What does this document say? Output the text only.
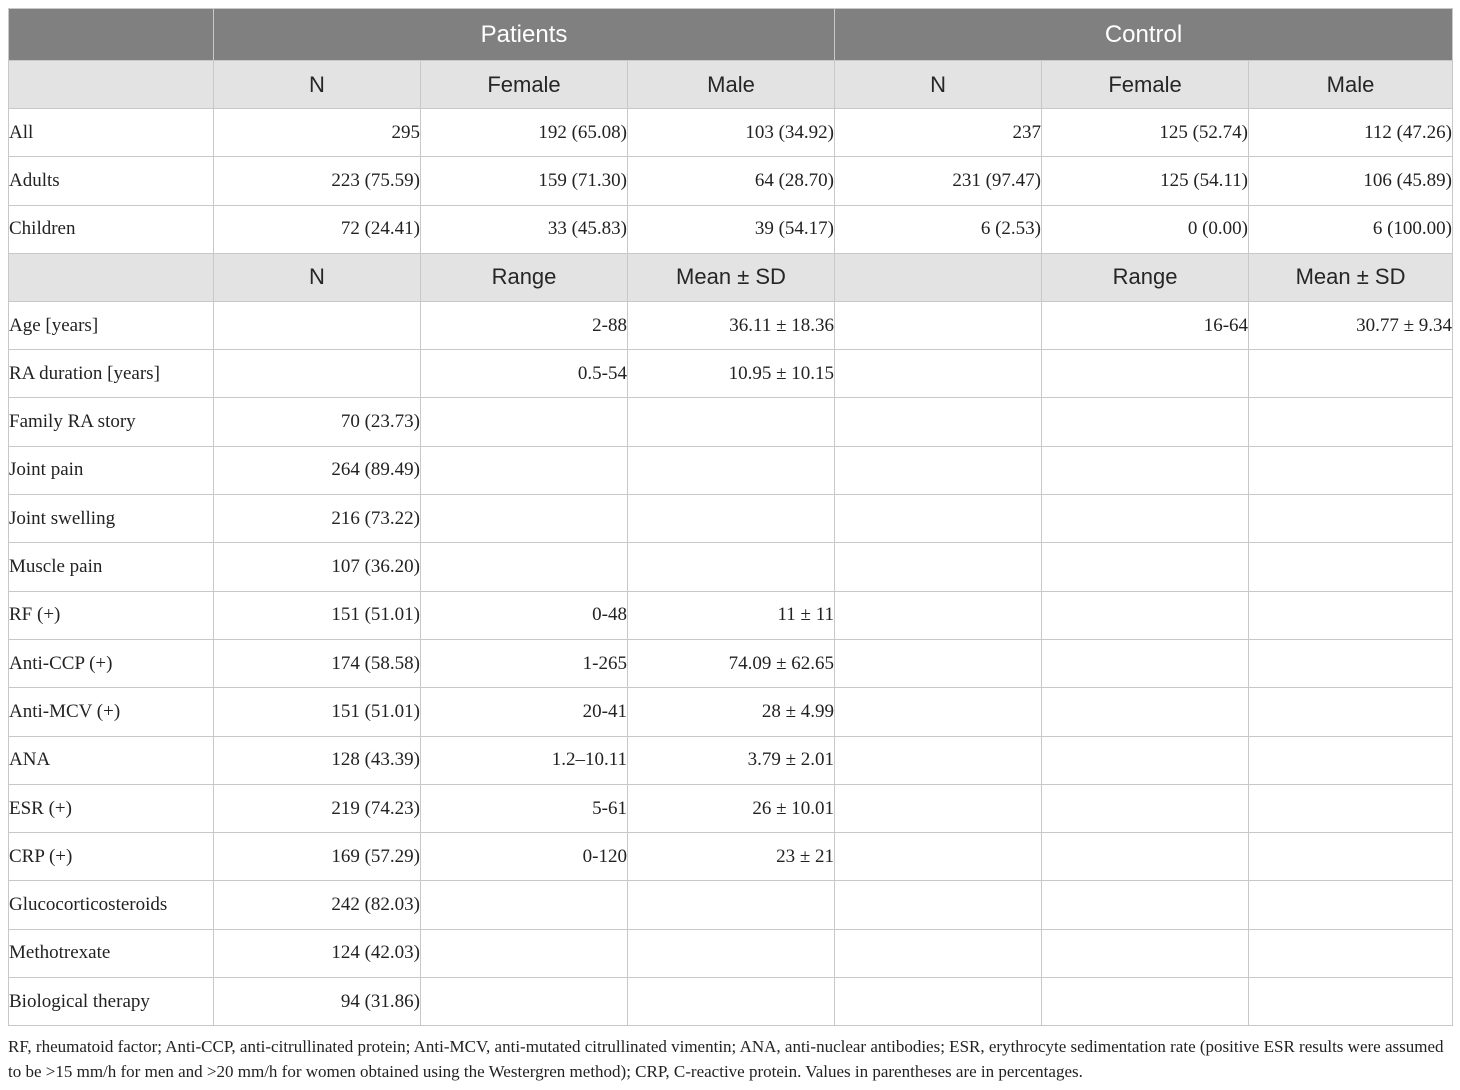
	Patients			Control		
	N	Female	Male	N	Female	Male
All	295	192 (65.08)	103 (34.92)	237	125 (52.74)	112 (47.26)
Adults	223 (75.59)	159 (71.30)	64 (28.70)	231 (97.47)	125 (54.11)	106 (45.89)
Children	72 (24.41)	33 (45.83)	39 (54.17)	6 (2.53)	0 (0.00)	6 (100.00)
	N	Range	Mean ± SD		Range	Mean ± SD
Age [years]		2-88	36.11 ± 18.36		16-64	30.77 ± 9.34
RA duration [years]		0.5-54	10.95 ± 10.15			
Family RA story	70 (23.73)					
Joint pain	264 (89.49)					
Joint swelling	216 (73.22)					
Muscle pain	107 (36.20)					
RF (+)	151 (51.01)	0-48	11 ± 11			
Anti-CCP (+)	174 (58.58)	1-265	74.09 ± 62.65			
Anti-MCV (+)	151 (51.01)	20-41	28 ± 4.99			
ANA	128 (43.39)	1.2–10.11	3.79 ± 2.01			
ESR (+)	219 (74.23)	5-61	26 ± 10.01			
CRP (+)	169 (57.29)	0-120	23 ± 21			
Glucocorticosteroids	242 (82.03)					
Methotrexate	124 (42.03)					
Biological therapy	94 (31.86)					
RF, rheumatoid factor; Anti-CCP, anti-citrullinated protein; Anti-MCV, anti-mutated citrullinated vimentin; ANA, anti-nuclear antibodies; ESR, erythrocyte sedimentation rate (positive ESR results were assumed to be >15 mm/h for men and >20 mm/h for women obtained using the Westergren method); CRP, C-reactive protein. Values in parentheses are in percentages.
